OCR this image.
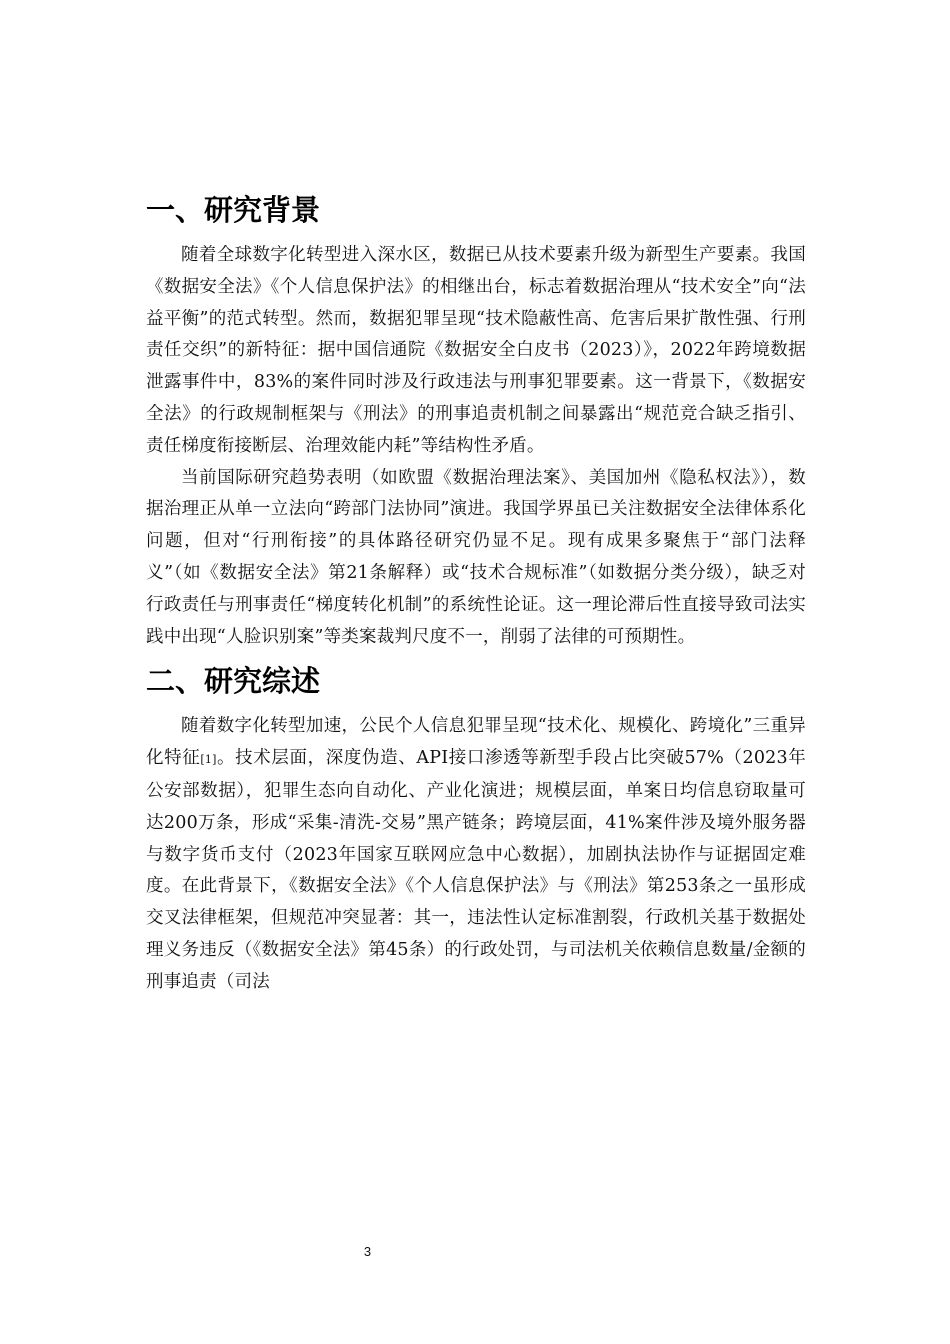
一、研究背景

随着全球数字化转型进入深水区，数据已从技术要素升级为新型生产要素。我国《数据安全法》《个人信息保护法》的相继出台，标志着数据治理从“技术安全”向“法益平衡”的范式转型。然而，数据犯罪呈现“技术隐蔽性高、危害后果扩散性强、行刑责任交织”的新特征：据中国信通院《数据安全白皮书（2023）》，2022年跨境数据泄露事件中，83%的案件同时涉及行政违法与刑事犯罪要素。这一背景下，《数据安全法》的行政规制框架与《刑法》的刑事追责机制之间暴露出“规范竞合缺乏指引、责任梯度衔接断层、治理效能内耗”等结构性矛盾。

当前国际研究趋势表明（如欧盟《数据治理法案》、美国加州《隐私权法》），数据治理正从单一立法向“跨部门法协同”演进。我国学界虽已关注数据安全法律体系化问题，但对“行刑衔接”的具体路径研究仍显不足。现有成果多聚焦于“部门法释义”（如《数据安全法》第21条解释）或“技术合规标准”（如数据分类分级），缺乏对行政责任与刑事责任“梯度转化机制”的系统性论证。这一理论滞后性直接导致司法实践中出现“人脸识别案”等类案裁判尺度不一，削弱了法律的可预期性。

二、研究综述

随着数字化转型加速，公民个人信息犯罪呈现“技术化、规模化、跨境化”三重异化特征[1]。技术层面，深度伪造、API接口渗透等新型手段占比突破57%（2023年公安部数据），犯罪生态向自动化、产业化演进；规模层面，单案日均信息窃取量可达200万条，形成“采集-清洗-交易”黑产链条；跨境层面，41%案件涉及境外服务器与数字货币支付（2023年国家互联网应急中心数据），加剧执法协作与证据固定难度。在此背景下，《数据安全法》《个人信息保护法》与《刑法》第253条之一虽形成交叉法律框架，但规范冲突显著：其一，违法性认定标准割裂，行政机关基于数据处理义务违反（《数据安全法》第45条）的行政处罚，与司法机关依赖信息数量/金额的刑事追责（司法

3
